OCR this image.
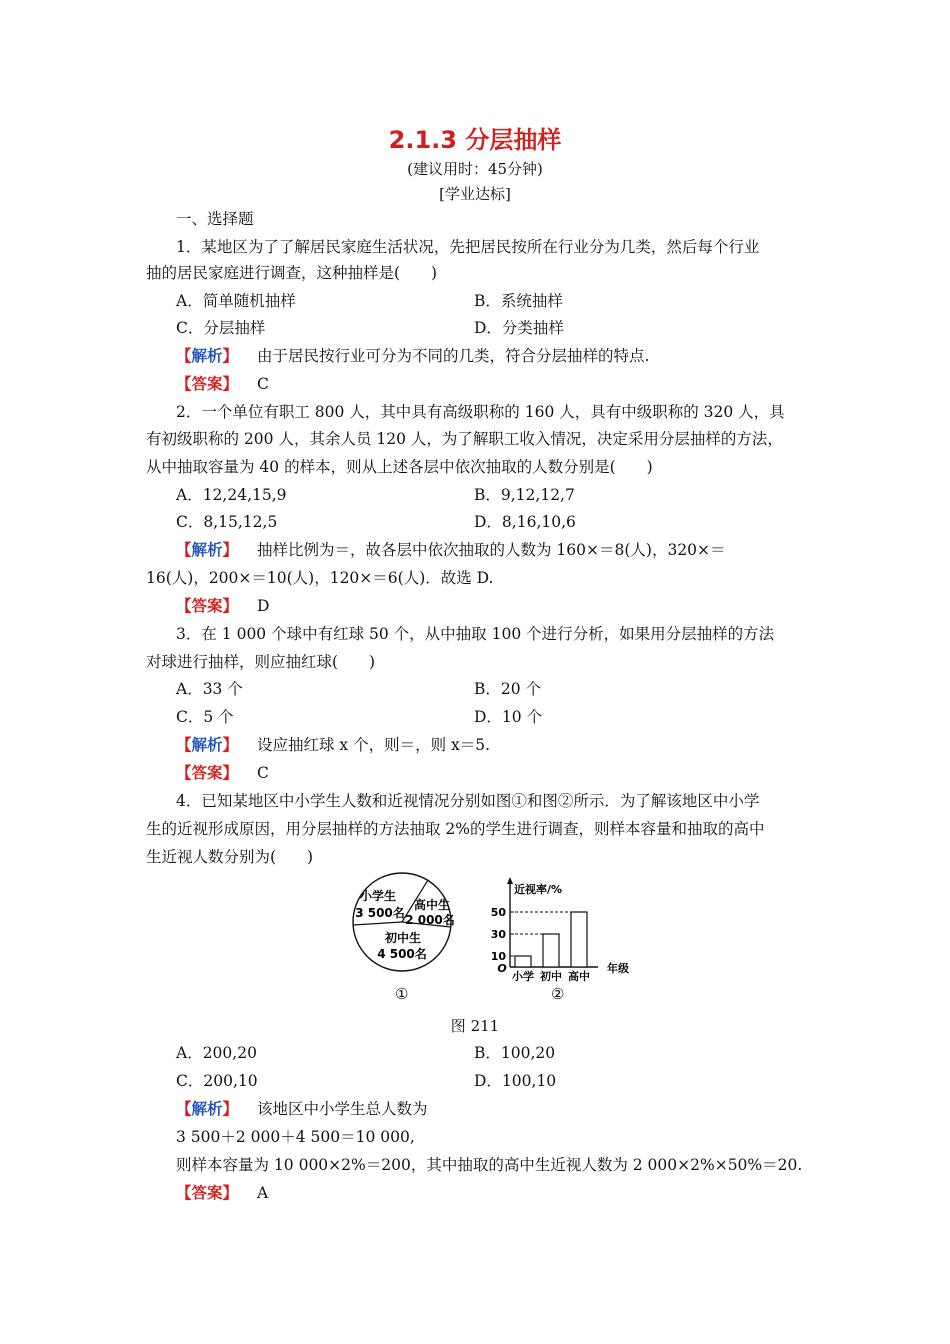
2.1.3 分层抽样
(建议用时：45分钟)
[学业达标]
一、选择题
1．某地区为了了解居民家庭生活状况，先把居民按所在行业分为几类，然后每个行业
抽的居民家庭进行调查，这种抽样是(　　)
A．简单随机抽样	B．系统抽样
C．分层抽样	D．分类抽样
【解析】 由于居民按行业可分为不同的几类，符合分层抽样的特点.
【答案】 C
2．一个单位有职工 800 人，其中具有高级职称的 160 人，具有中级职称的 320 人，具
有初级职称的 200 人，其余人员 120 人，为了解职工收入情况，决定采用分层抽样的方法，
从中抽取容量为 40 的样本，则从上述各层中依次抽取的人数分别是(　　)
A．12,24,15,9	B．9,12,12,7
C．8,15,12,5	D．8,16,10,6
【解析】 抽样比例为＝，故各层中依次抽取的人数为 160×＝8(人)，320×＝
16(人)，200×＝10(人)，120×＝6(人)．故选 D.
【答案】 D
3．在 1 000 个球中有红球 50 个，从中抽取 100 个进行分析，如果用分层抽样的方法
对球进行抽样，则应抽红球(　　)
A．33 个	B．20 个
C．5 个	D．10 个
【解析】 设应抽红球 x 个，则＝，则 x＝5.
【答案】 C
4．已知某地区中小学生人数和近视情况分别如图①和图②所示．为了解该地区中小学
生的近视形成原因，用分层抽样的方法抽取 2%的学生进行调查，则样本容量和抽取的高中
生近视人数分别为(　　)
小学生
3 500名
高中生
2 000名
初中生
4 500名
①
近视率/%
O	年级
10
30
50
小学 初中 高中
②
图 211
A．200,20	B．100,20
C．200,10	D．100,10
【解析】 该地区中小学生总人数为
3 500＋2 000＋4 500＝10 000,
则样本容量为 10 000×2%＝200，其中抽取的高中生近视人数为 2 000×2%×50%＝20.
【答案】 A
